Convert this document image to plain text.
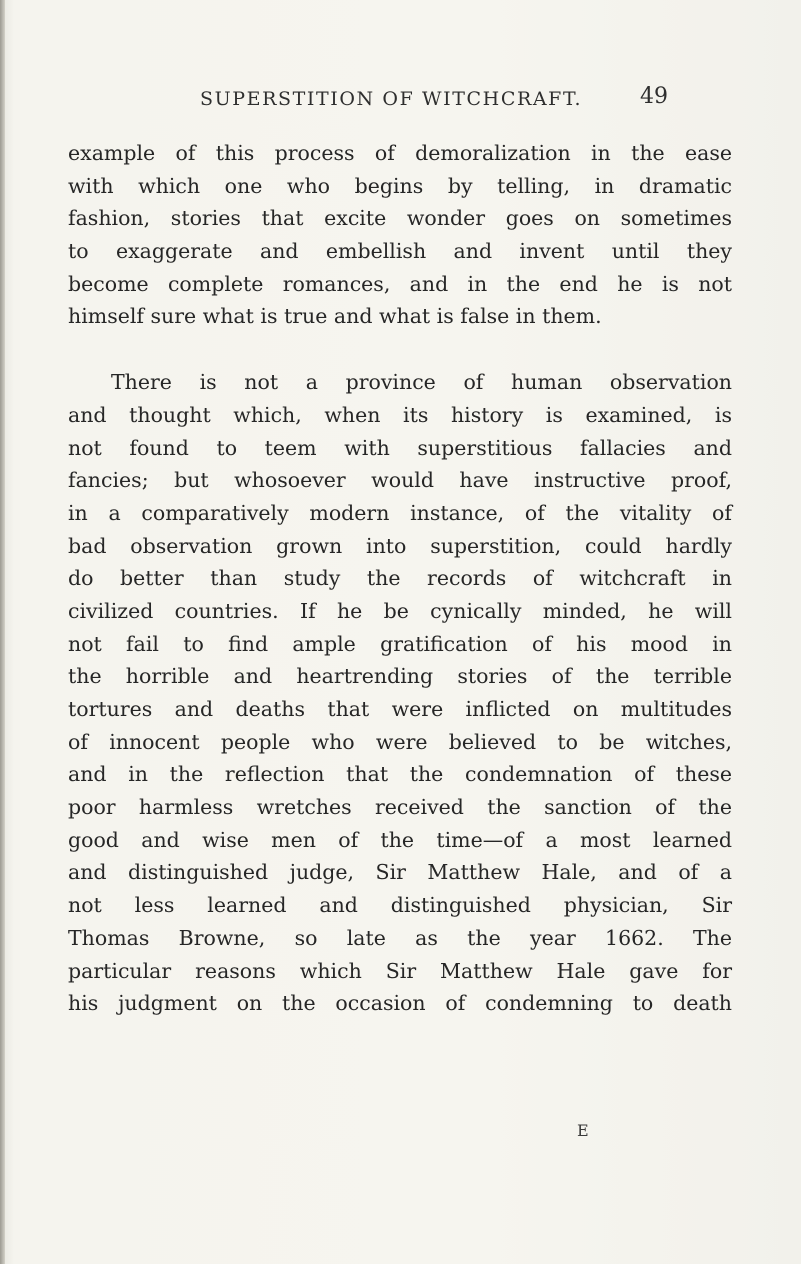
SUPERSTITION OF WITCHCRAFT.	49
example of this process of demoralization in the ease
with which one who begins by telling, in dramatic
fashion, stories that excite wonder goes on sometimes
to exaggerate and embellish and invent until they
become complete romances, and in the end he is not
himself sure what is true and what is false in them.
There is not a province of human observation
and thought which, when its history is examined, is
not found to teem with superstitious fallacies and
fancies; but whosoever would have instructive proof,
in a comparatively modern instance, of the vitality of
bad observation grown into superstition, could hardly
do better than study the records of witchcraft in
civilized countries. If he be cynically minded, he will
not fail to find ample gratification of his mood in
the horrible and heartrending stories of the terrible
tortures and deaths that were inflicted on multitudes
of innocent people who were believed to be witches,
and in the reflection that the condemnation of these
poor harmless wretches received the sanction of the
good and wise men of the time—of a most learned
and distinguished judge, Sir Matthew Hale, and of a
not less learned and distinguished physician, Sir
Thomas Browne, so late as the year 1662. The
particular reasons which Sir Matthew Hale gave for
his judgment on the occasion of condemning to death
E
